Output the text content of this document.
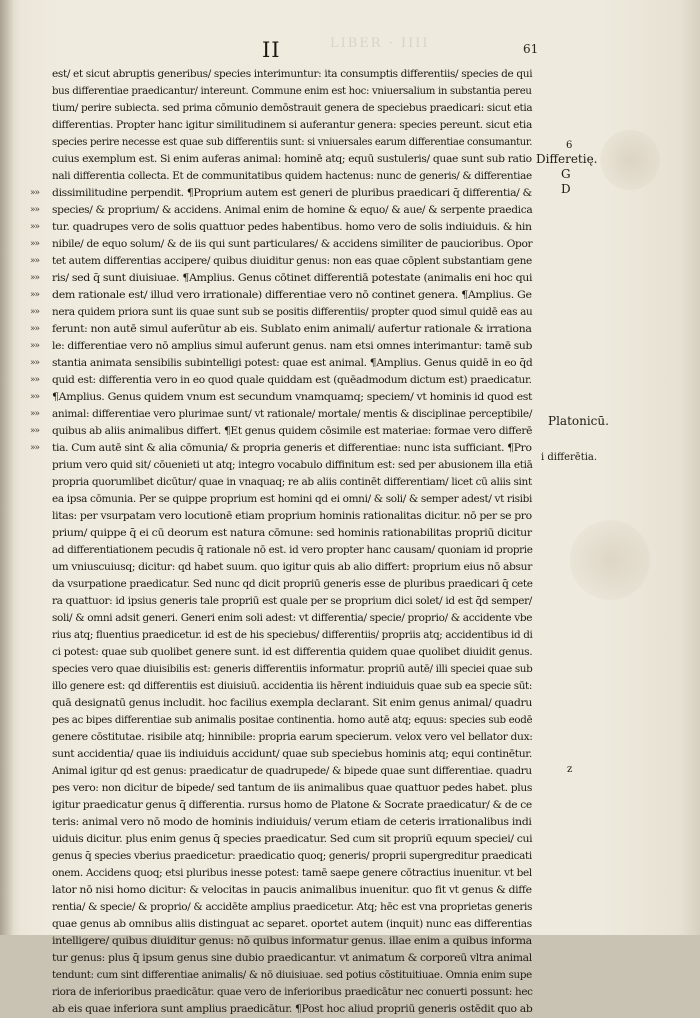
LIBER · IIII
II	61
est/ et sicut abruptis generibus/ species interimuntur: ita consumptis differentiis/ species de qui
bus differentiae praedicantur/ intereunt. Commune enim est hoc: vniuersalium in substantia pereu
tium/ perire subiecta. sed prima cōmunio demōstrauit genera de speciebus praedicari: sicut etia
differentias. Propter hanc igitur similitudinem si auferantur genera: species pereunt. sicut etia
species perire necesse est quae sub differentiis sunt: si vniuersales earum differentiae consumantur.
cuius exemplum est. Si enim auferas animal: hominē atq; equū sustuleris/ quae sunt sub ratio
nali differentia collecta. Et de communitatibus quidem hactenus: nunc de generis/ & differentiae
»» dissimilitudine perpendit. ¶Proprium autem est generi de pluribus praedicari q̄ differentia/ &
»» species/ & proprium/ & accidens. Animal enim de homine & equo/ & aue/ & serpente praedica
»» tur. quadrupes vero de solis quattuor pedes habentibus. homo vero de solis indiuiduis. & hin
»» nibile/ de equo solum/ & de iis qui sunt particulares/ & accidens similiter de paucioribus. Opor
»» tet autem differentias accipere/ quibus diuiditur genus: non eas quae cōplent substantiam gene
»» ris/ sed q̄ sunt diuisiuae. ¶Amplius. Genus cōtinet differentiā potestate (animalis eni hoc qui
»» dem rationale est/ illud vero irrationale) differentiae vero nō continet genera. ¶Amplius. Ge
»» nera quidem priora sunt iis quae sunt sub se positis differentiis/ propter quod simul quidē eas au
»» ferunt: non autē simul auferūtur ab eis. Sublato enim animali/ aufertur rationale & irrationa
»» le: differentiae vero nō amplius simul auferunt genus. nam etsi omnes interimantur: tamē sub
»» stantia animata sensibilis subintelligi potest: quae est animal. ¶Amplius. Genus quidē in eo q̄d
»» quid est: differentia vero in eo quod quale quiddam est (quēadmodum dictum est) praedicatur.
»» ¶Amplius. Genus quidem vnum est secundum vnamquamq; speciem/ vt hominis id quod est
»» animal: differentiae vero plurimae sunt/ vt rationale/ mortale/ mentis & disciplinae perceptibile/
»» quibus ab aliis animalibus differt. ¶Et genus quidem cōsimile est materiae: formae vero differē
»» tia. Cum autē sint & alia cōmunia/ & propria generis et differentiae: nunc ista sufficiant. ¶Pro
prium vero quid sit/ cōuenieti ut atq; integro vocabulo diffinitum est: sed per abusionem illa etiā
propria quorumlibet dicūtur/ quae in vnaquaq; re ab aliis continēt differentiam/ licet cū aliis sint
ea ipsa cōmunia. Per se quippe proprium est homini qd ei omni/ & soli/ & semper adest/ vt risibi
litas: per vsurpatam vero locutionē etiam proprium hominis rationalitas dicitur. nō per se pro
prium/ quippe q̄ ei cū deorum est natura cōmune: sed hominis rationabilitas propriū dicitur
ad differentiationem pecudis q̄ rationale nō est. id vero propter hanc causam/ quoniam id proprie
um vniuscuiusq; dicitur: qd habet suum. quo igitur quis ab alio differt: proprium eius nō absur
da vsurpatione praedicatur. Sed nunc qd dicit propriū generis esse de pluribus praedicari q̄ cete
ra quattuor: id ipsius generis tale propriū est quale per se proprium dici solet/ id est q̄d semper/
soli/ & omni adsit generi. Generi enim soli adest: vt differentia/ specie/ proprio/ & accidente vbe
rius atq; fluentius praedicetur. id est de his speciebus/ differentiis/ propriis atq; accidentibus id di
ci potest: quae sub quolibet genere sunt. id est differentia quidem quae quolibet diuidit genus.
species vero quae diuisibilis est: generis differentiis informatur. propriū autē/ illi speciei quae sub
illo genere est: qd differentiis est diuisiuū. accidentia iis hērent indiuiduis quae sub ea specie sūt:
quā designatū genus includit. hoc facilius exempla declarant. Sit enim genus animal/ quadru
pes ac bipes differentiae sub animalis positae continentia. homo autē atq; equus: species sub eodē
genere cōstitutae. risibile atq; hinnibile: propria earum specierum. velox vero vel bellator dux:
sunt accidentia/ quae iis indiuiduis accidunt/ quae sub speciebus hominis atq; equi continētur.
Animal igitur qd est genus: praedicatur de quadrupede/ & bipede quae sunt differentiae. quadru
pes vero: non dicitur de bipede/ sed tantum de iis animalibus quae quattuor pedes habet. plus
igitur praedicatur genus q̄ differentia. rursus homo de Platone & Socrate praedicatur/ & de ce
teris: animal vero nō modo de hominis indiuiduis/ verum etiam de ceteris irrationalibus indi
uiduis dicitur. plus enim genus q̄ species praedicatur. Sed cum sit propriū equum speciei/ cui
genus q̄ species vberius praedicetur: praedicatio quoq; generis/ proprii supergreditur praedicati
onem. Accidens quoq; etsi pluribus inesse potest: tamē saepe genere cōtractius inuenitur. vt bel
lator nō nisi homo dicitur: & velocitas in paucis animalibus inuenitur. quo fit vt genus & diffe
rentia/ & specie/ & proprio/ & accidēte amplius praedicetur. Atq; hēc est vna proprietas generis
quae genus ab omnibus aliis distinguat ac separet. oportet autem (inquit) nunc eas differentias
intelligere/ quibus diuiditur genus: nō quibus informatur genus. illae enim a quibus informa
tur genus: plus q̄ ipsum genus sine dubio praedicantur. vt animatum & corporeū vltra animal
tendunt: cum sint differentiae animalis/ & nō diuisiuae. sed potius cōstituitiuae. Omnia enim supe
riora de inferioribus praedicātur. quae vero de inferioribus praedicātur nec conuerti possunt: hec
ab eis quae inferiora sunt amplius praedicātur. ¶Post hoc aliud propriū generis ostēdit quo ab
6
Differetię.
G
D
Platonicū.
i differētia.
z
